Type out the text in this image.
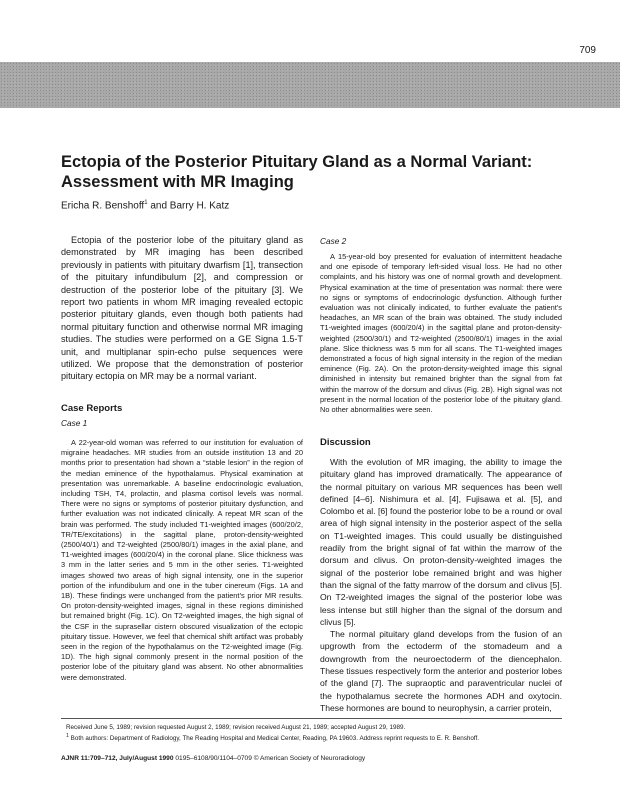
709
Ectopia of the Posterior Pituitary Gland as a Normal Variant: Assessment with MR Imaging
Ericha R. Benshoff$^1$ and Barry H. Katz

Ectopia of the posterior lobe of the pituitary gland as demonstrated by MR imaging has been described previously in patients with pituitary dwarfism [1], transection of the pituitary infundibulum [2], and compression or destruction of the posterior lobe of the pituitary [3]. We report two patients in whom MR imaging revealed ectopic posterior pituitary glands, even though both patients had normal pituitary function and otherwise normal MR imaging studies. The studies were performed on a GE Signa 1.5-T unit, and multiplanar spin-echo pulse sequences were utilized. We propose that the demonstration of posterior pituitary ectopia on MR may be a normal variant.

Case Reports
Case 1

A 22-year-old woman was referred to our institution for evaluation of migraine headaches. MR studies from an outside institution 13 and 20 months prior to presentation had shown a “stable lesion” in the region of the median eminence of the hypothalamus. Physical examination at presentation was unremarkable. A baseline endocrinologic evaluation, including TSH, T4, prolactin, and plasma cortisol levels was normal. There were no signs or symptoms of posterior pituitary dysfunction, and further evaluation was not indicated clinically. A repeat MR scan of the brain was performed. The study included T1-weighted images (600/20/2, TR/TE/excitations) in the sagittal plane, proton-density-weighted (2500/40/1) and T2-weighted (2500/80/1) images in the axial plane, and T1-weighted images (600/20/4) in the coronal plane. Slice thickness was 3 mm in the latter series and 5 mm in the other series. T1-weighted images showed two areas of high signal intensity, one in the superior portion of the infundibulum and one in the tuber cinereum (Figs. 1A and 1B). These findings were unchanged from the patient’s prior MR results. On proton-density-weighted images, signal in these regions diminished but remained bright (Fig. 1C). On T2-weighted images, the high signal of the CSF in the suprasellar cistern obscured visualization of the ectopic pituitary tissue. However, we feel that chemical shift artifact was probably seen in the region of the hypothalamus on the T2-weighted image (Fig. 1D). The high signal commonly present in the normal position of the posterior lobe of the pituitary gland was absent. No other abnormalities were demonstrated.

Case 2

A 15-year-old boy presented for evaluation of intermittent headache and one episode of temporary left-sided visual loss. He had no other complaints, and his history was one of normal growth and development. Physical examination at the time of presentation was normal: there were no signs or symptoms of endocrinologic dysfunction. Although further evaluation was not clinically indicated, to further evaluate the patient’s headaches, an MR scan of the brain was obtained. The study included T1-weighted images (600/20/4) in the sagittal plane and proton-density-weighted (2500/30/1) and T2-weighted (2500/80/1) images in the axial plane. Slice thickness was 5 mm for all scans. The T1-weighted images demonstrated a focus of high signal intensity in the region of the median eminence (Fig. 2A). On the proton-density-weighted image this signal diminished in intensity but remained brighter than the signal from fat within the marrow of the dorsum and clivus (Fig. 2B). High signal was not present in the normal location of the posterior lobe of the pituitary gland. No other abnormalities were seen.

Discussion

With the evolution of MR imaging, the ability to image the pituitary gland has improved dramatically. The appearance of the normal pituitary on various MR sequences has been well defined [4–6]. Nishimura et al. [4], Fujisawa et al. [5], and Colombo et al. [6] found the posterior lobe to be a round or oval area of high signal intensity in the posterior aspect of the sella on T1-weighted images. This could usually be distinguished readily from the bright signal of fat within the marrow of the dorsum and clivus. On proton-density-weighted images the signal of the posterior lobe remained bright and was higher than the signal of the fatty marrow of the dorsum and clivus [5]. On T2-weighted images the signal of the posterior lobe was less intense but still higher than the signal of the dorsum and clivus [5].

The normal pituitary gland develops from the fusion of an upgrowth from the ectoderm of the stomadeum and a downgrowth from the neuroectoderm of the diencephalon. These tissues respectively form the anterior and posterior lobes of the gland [7]. The supraoptic and paraventricular nuclei of the hypothalamus secrete the hormones ADH and oxytocin. These hormones are bound to neurophysin, a carrier protein,

Received June 5, 1989; revision requested August 2, 1989; revision received August 21, 1989; accepted August 29, 1989.
$^1$ Both authors: Department of Radiology, The Reading Hospital and Medical Center, Reading, PA 19603. Address reprint requests to E. R. Benshoff.
AJNR 11:709–712, July/August 1990 0195–6108/90/1104–0709 © American Society of Neuroradiology
